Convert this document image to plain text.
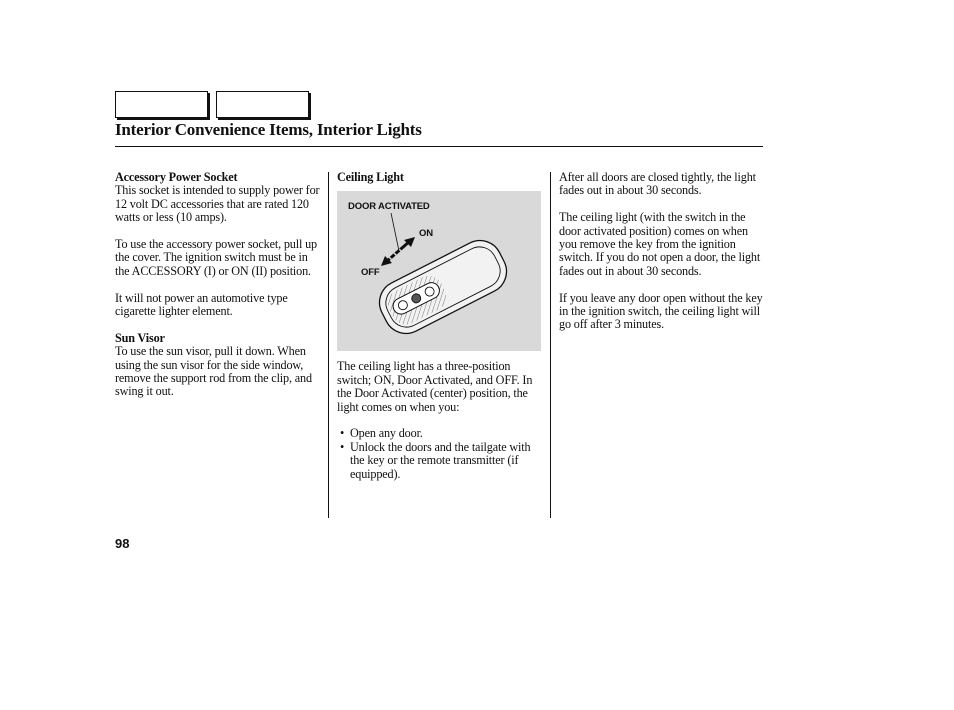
Interior Convenience Items, Interior Lights
Accessory Power Socket

This socket is intended to supply power for 12 volt DC accessories that are rated 120 watts or less (10 amps).

To use the accessory power socket, pull up the cover. The ignition switch must be in the ACCESSORY (I) or ON (II) position.

It will not power an automotive type cigarette lighter element.

Sun Visor

To use the sun visor, pull it down. When using the sun visor for the side window, remove the support rod from the clip, and swing it out.

Ceiling Light
DOOR ACTIVATED
ON
OFF

The ceiling light has a three-position switch; ON, Door Activated, and OFF. In the Door Activated (center) position, the light comes on when you:

• Open any door.
• Unlock the doors and the tailgate with the key or the remote transmitter (if equipped).

After all doors are closed tightly, the light fades out in about 30 seconds.

The ceiling light (with the switch in the door activated position) comes on when you remove the key from the ignition switch. If you do not open a door, the light fades out in about 30 seconds.

If you leave any door open without the key in the ignition switch, the ceiling light will go off after 3 minutes.

98
